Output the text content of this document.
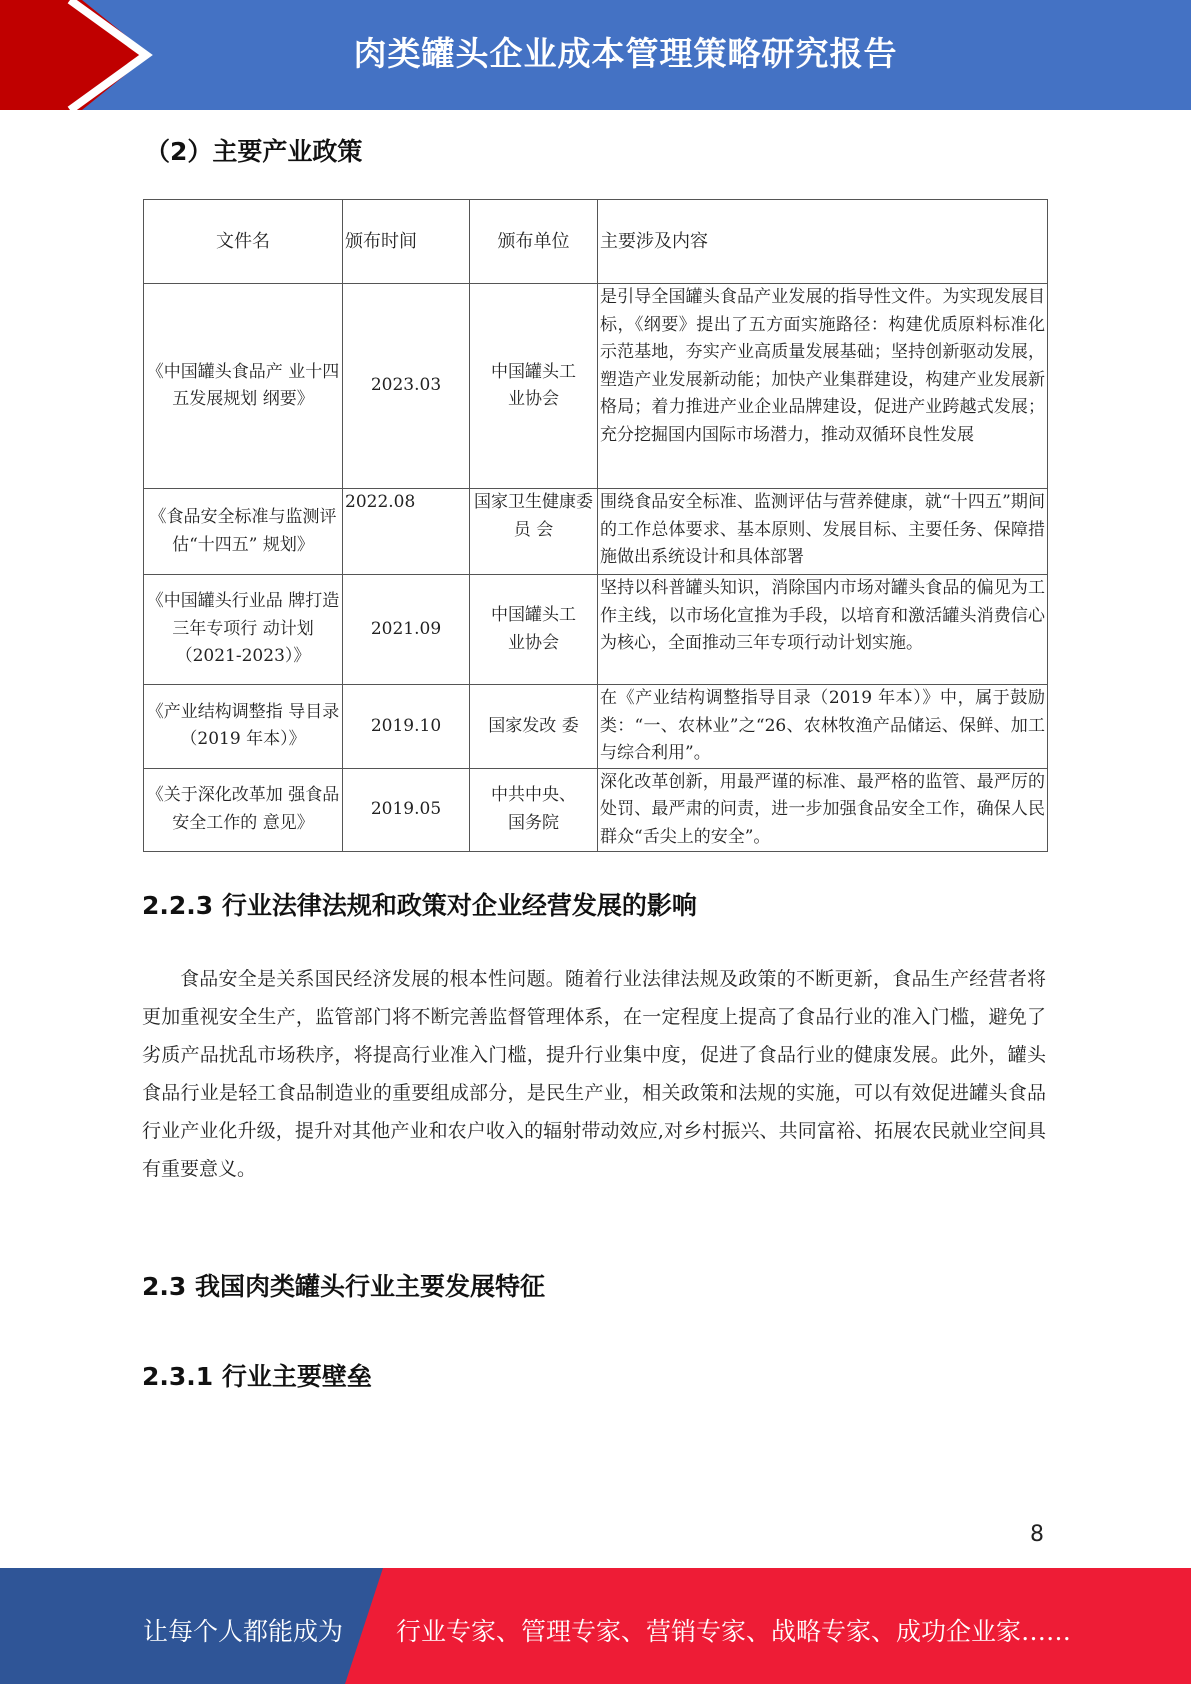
肉类罐头企业成本管理策略研究报告
（2）主要产业政策
文件名	颁布时间	颁布单位	主要涉及内容
《中国罐头食品产 业十四五发展规划 纲要》	2023.03	中国罐头工业协会	是引导全国罐头食品产业发展的指导性文件。为实现发展目标，《纲要》提出了五方面实施路径：构建优质原料标准化示范基地，夯实产业高质量发展基础；坚持创新驱动发展，塑造产业发展新动能；加快产业集群建设，构建产业发展新格局；着力推进产业企业品牌建设，促进产业跨越式发展；充分挖掘国内国际市场潜力，推动双循环良性发展

《食品安全标准与监测评估“十四五” 规划》	2022.08	国家卫生健康委员 会	围绕食品安全标准、监测评估与营养健康，就“十四五”期间的工作总体要求、基本原则、发展目标、主要任务、保障措施做出系统设计和具体部署

《中国罐头行业品 牌打造三年专项行 动计划（2021-2023）》	2021.09	中国罐头工业协会	坚持以科普罐头知识，消除国内市场对罐头食品的偏见为工作主线，以市场化宣推为手段，以培育和激活罐头消费信心为核心，全面推动三年专项行动计划实施。
《产业结构调整指 导目录（2019 年本）》	2019.10	国家发改 委	在《产业结构调整指导目录（2019 年本）》中，属于鼓励类：“一、农林业”之“26、农林牧渔产品储运、保鲜、加工与综合利用”。
《关于深化改革加 强食品安全工作的 意见》	2019.05	中共中央、国务院	深化改革创新，用最严谨的标准、最严格的监管、最严厉的处罚、最严肃的问责，进一步加强食品安全工作，确保人民群众“舌尖上的安全”。
2.2.3 行业法律法规和政策对企业经营发展的影响
食品安全是关系国民经济发展的根本性问题。随着行业法律法规及政策的不断更新，食品生产经营者将更加重视安全生产，监管部门将不断完善监督管理体系，在一定程度上提高了食品行业的准入门槛，避免了劣质产品扰乱市场秩序，将提高行业准入门槛，提升行业集中度，促进了食品行业的健康发展。此外，罐头食品行业是轻工食品制造业的重要组成部分，是民生产业，相关政策和法规的实施，可以有效促进罐头食品行业产业化升级，提升对其他产业和农户收入的辐射带动效应,对乡村振兴、共同富裕、拓展农民就业空间具有重要意义。
2.3 我国肉类罐头行业主要发展特征
2.3.1 行业主要壁垒
8
让每个人都能成为 行业专家、管理专家、营销专家、战略专家、成功企业家……
